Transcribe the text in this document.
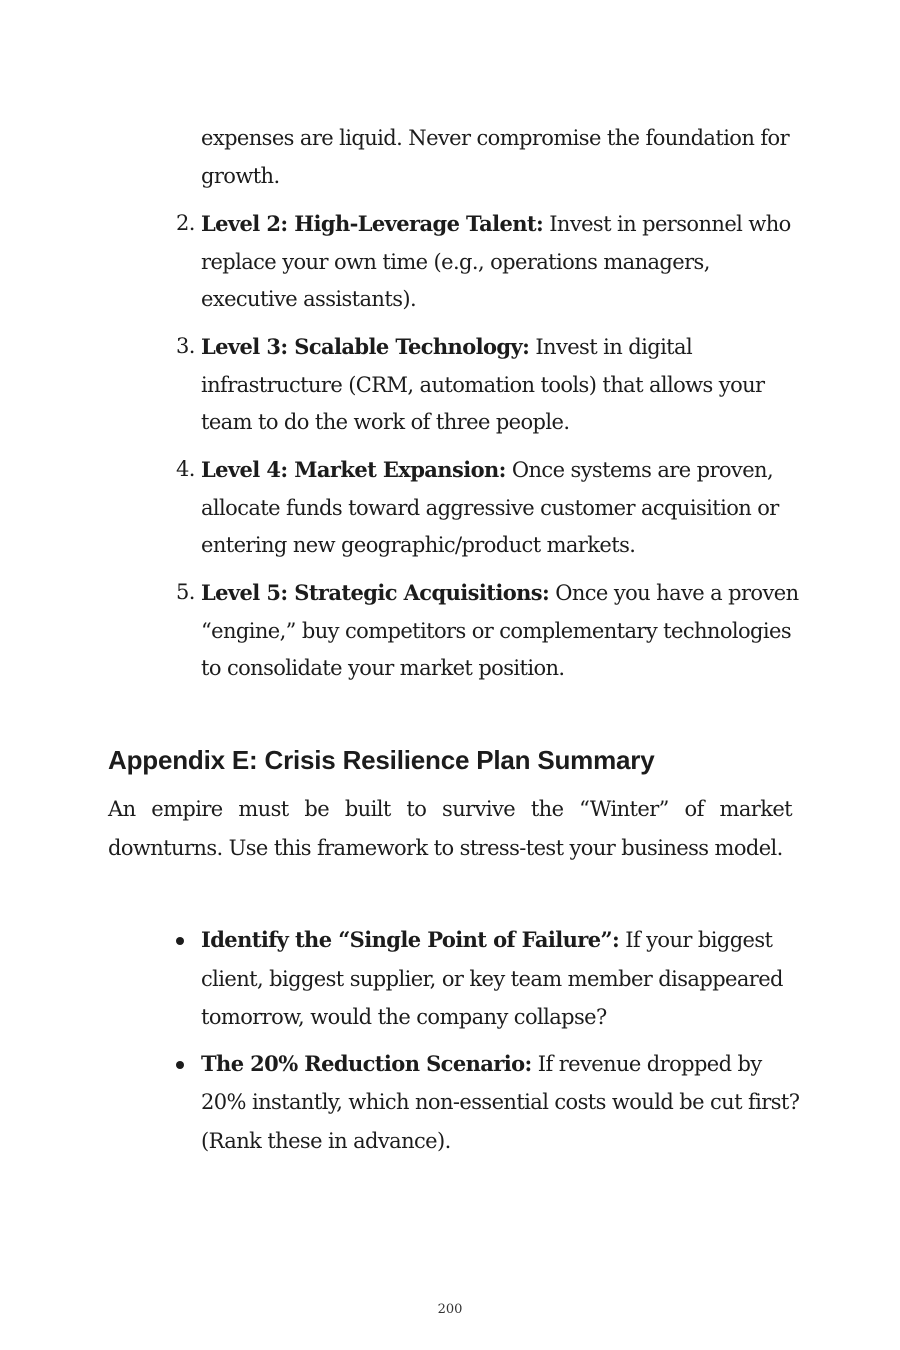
expenses are liquid. Never compromise the foundation for growth.
2. Level 2: High-Leverage Talent: Invest in personnel who replace your own time (e.g., operations managers, executive assistants).
3. Level 3: Scalable Technology: Invest in digital infrastructure (CRM, automation tools) that allows your team to do the work of three people.
4. Level 4: Market Expansion: Once systems are proven, allocate funds toward aggressive customer acquisition or entering new geographic/product markets.
5. Level 5: Strategic Acquisitions: Once you have a proven “engine,” buy competitors or complementary technologies to consolidate your market position.
Appendix E: Crisis Resilience Plan Summary

An empire must be built to survive the “Winter” of market downturns. Use this framework to stress-test your business model.

Identify the “Single Point of Failure”: If your biggest client, biggest supplier, or key team member disappeared tomorrow, would the company collapse?
The 20% Reduction Scenario: If revenue dropped by 20% instantly, which non-essential costs would be cut first? (Rank these in advance).
200
